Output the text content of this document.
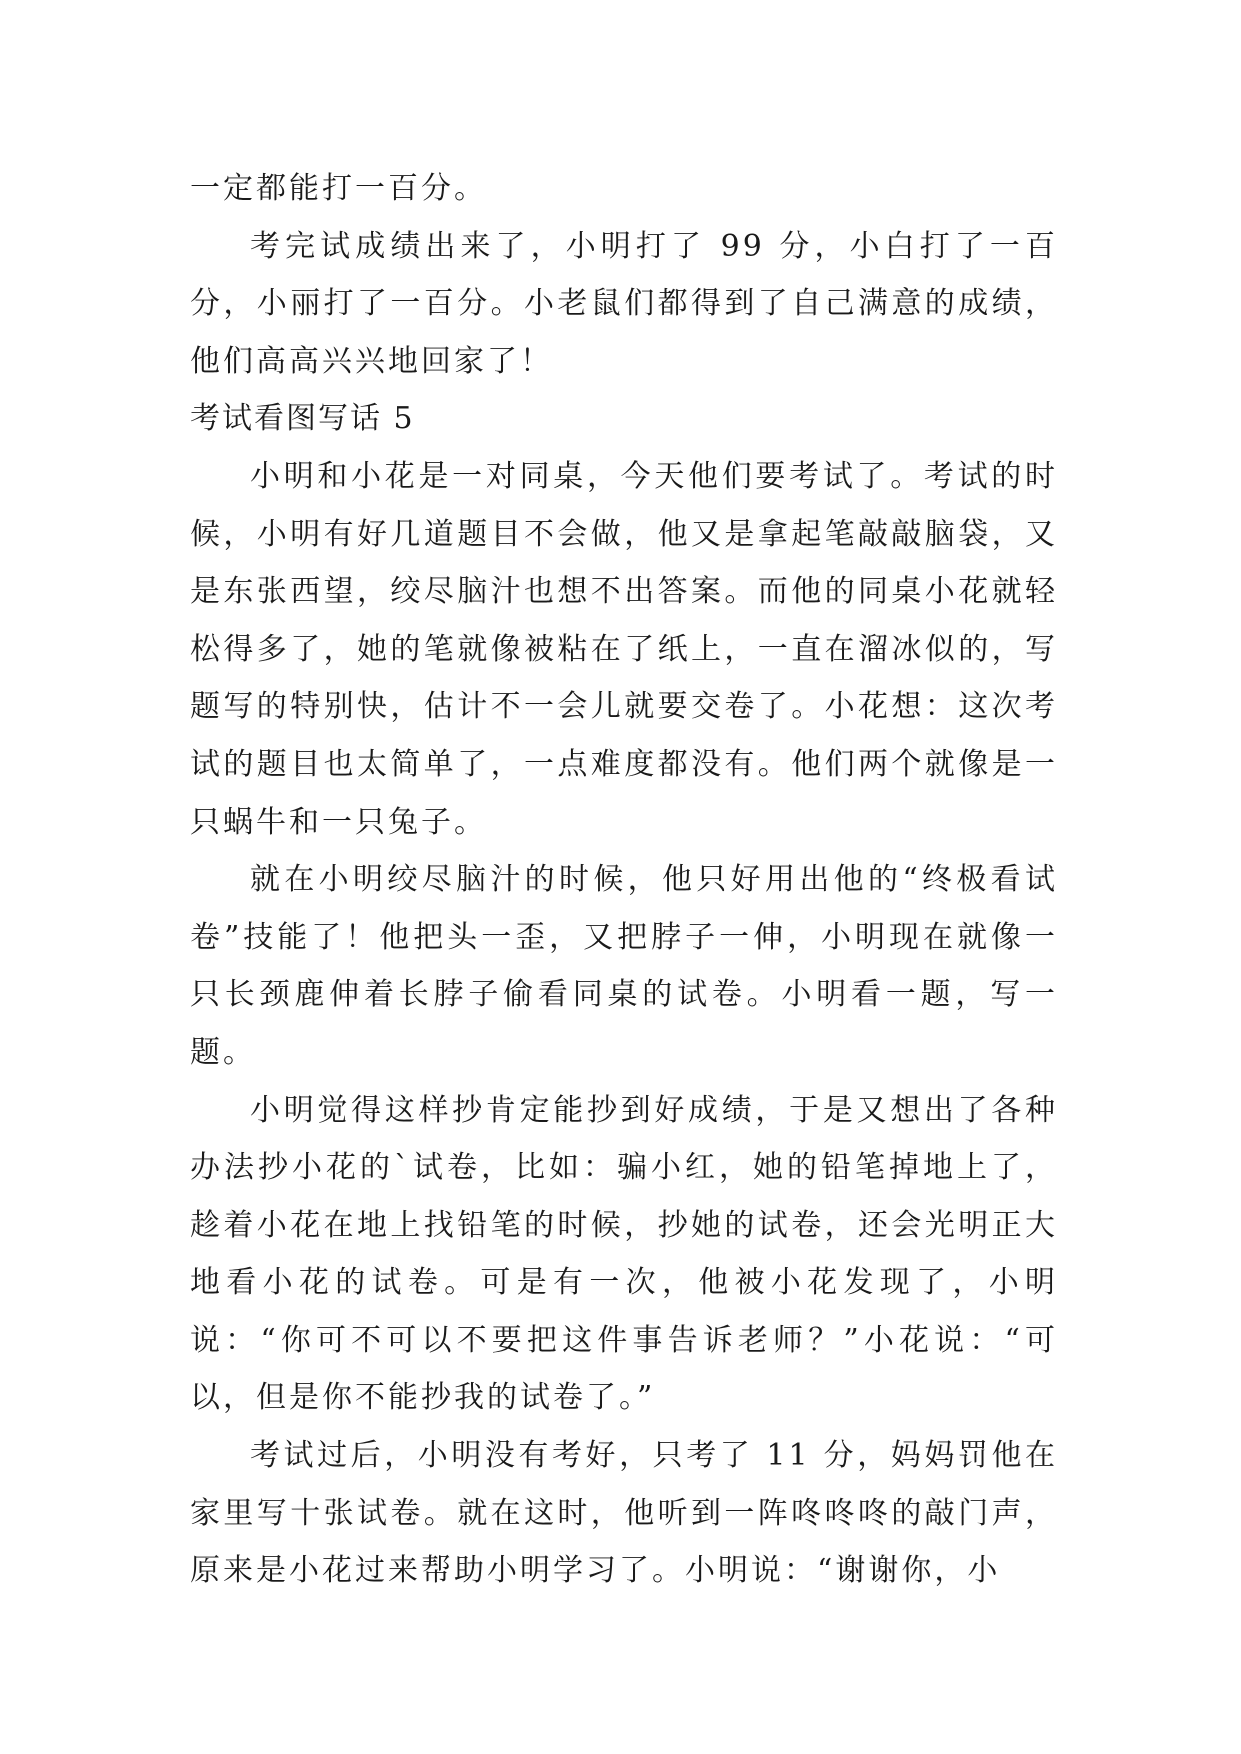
一定都能打一百分。

考完试成绩出来了，小明打了 99 分，小白打了一百分，小丽打了一百分。小老鼠们都得到了自己满意的成绩，他们高高兴兴地回家了！

考试看图写话 5

小明和小花是一对同桌，今天他们要考试了。考试的时候，小明有好几道题目不会做，他又是拿起笔敲敲脑袋，又是东张西望，绞尽脑汁也想不出答案。而他的同桌小花就轻松得多了，她的笔就像被粘在了纸上，一直在溜冰似的，写题写的特别快，估计不一会儿就要交卷了。小花想：这次考试的题目也太简单了，一点难度都没有。他们两个就像是一只蜗牛和一只兔子。

就在小明绞尽脑汁的时候，他只好用出他的“终极看试卷”技能了！他把头一歪，又把脖子一伸，小明现在就像一只长颈鹿伸着长脖子偷看同桌的试卷。小明看一题，写一题。

小明觉得这样抄肯定能抄到好成绩，于是又想出了各种办法抄小花的`试卷，比如：骗小红，她的铅笔掉地上了，趁着小花在地上找铅笔的时候，抄她的试卷，还会光明正大地看小花的试卷。可是有一次，他被小花发现了，小明说：“你可不可以不要把这件事告诉老师？”小花说：“可以，但是你不能抄我的试卷了。”

考试过后，小明没有考好，只考了 11 分，妈妈罚他在家里写十张试卷。就在这时，他听到一阵咚咚咚的敲门声，原来是小花过来帮助小明学习了。小明说：“谢谢你，小
